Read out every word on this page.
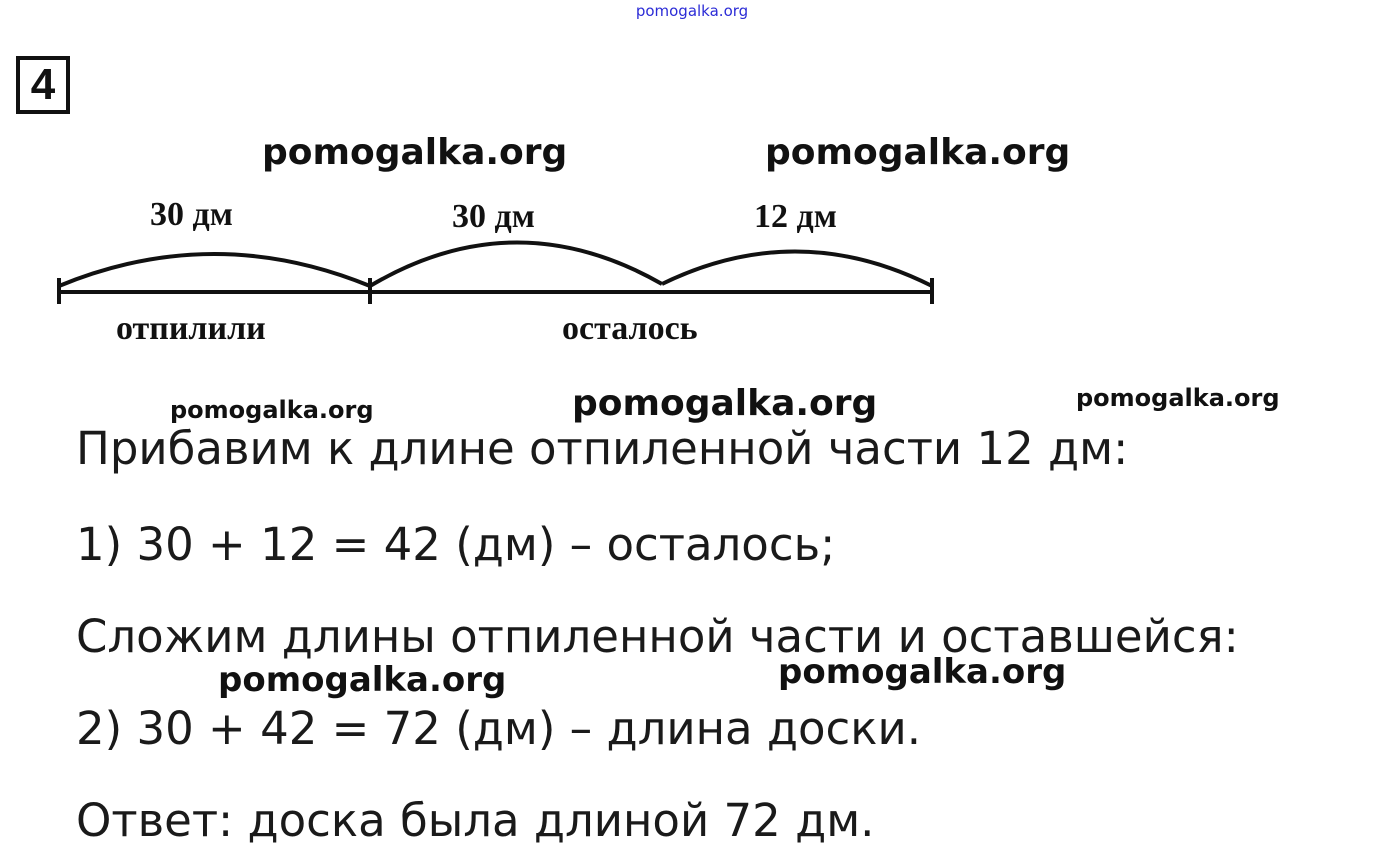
pomogalka.org
4
pomogalka.org	pomogalka.org
30 дм	30 дм	12 дм
отпилили	осталось
pomogalka.org	pomogalka.org	pomogalka.org
Прибавим к длине отпиленной части 12 дм:
1) 30 + 12 = 42 (дм) – осталось;
Сложим длины отпиленной части и оставшейся:
pomogalka.org	pomogalka.org
2) 30 + 42 = 72 (дм) – длина доски.
Ответ: доска была длиной 72 дм.
